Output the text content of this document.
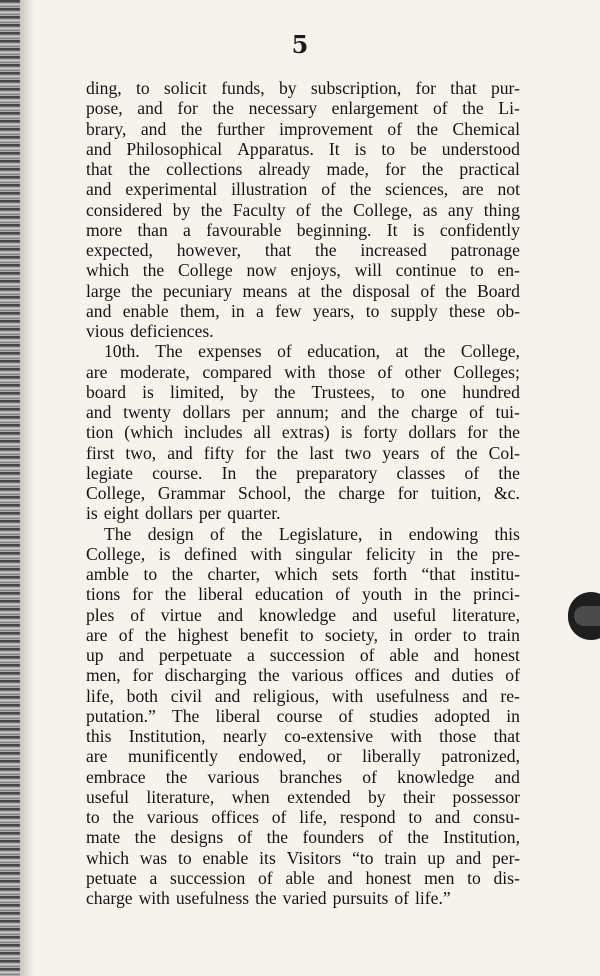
5
ding, to solicit funds, by subscription, for that pur-
pose, and for the necessary enlargement of the Li-
brary, and the further improvement of the Chemical
and Philosophical Apparatus. It is to be understood
that the collections already made, for the practical
and experimental illustration of the sciences, are not
considered by the Faculty of the College, as any thing
more than a favourable beginning. It is confidently
expected, however, that the increased patronage
which the College now enjoys, will continue to en-
large the pecuniary means at the disposal of the Board
and enable them, in a few years, to supply these ob-
vious deficiences.
10th. The expenses of education, at the College,
are moderate, compared with those of other Colleges;
board is limited, by the Trustees, to one hundred
and twenty dollars per annum; and the charge of tui-
tion (which includes all extras) is forty dollars for the
first two, and fifty for the last two years of the Col-
legiate course. In the preparatory classes of the
College, Grammar School, the charge for tuition, &c.
is eight dollars per quarter.
The design of the Legislature, in endowing this
College, is defined with singular felicity in the pre-
amble to the charter, which sets forth “that institu-
tions for the liberal education of youth in the princi-
ples of virtue and knowledge and useful literature,
are of the highest benefit to society, in order to train
up and perpetuate a succession of able and honest
men, for discharging the various offices and duties of
life, both civil and religious, with usefulness and re-
putation.” The liberal course of studies adopted in
this Institution, nearly co-extensive with those that
are munificently endowed, or liberally patronized,
embrace the various branches of knowledge and
useful literature, when extended by their possessor
to the various offices of life, respond to and consu-
mate the designs of the founders of the Institution,
which was to enable its Visitors “to train up and per-
petuate a succession of able and honest men to dis-
charge with usefulness the varied pursuits of life.”
